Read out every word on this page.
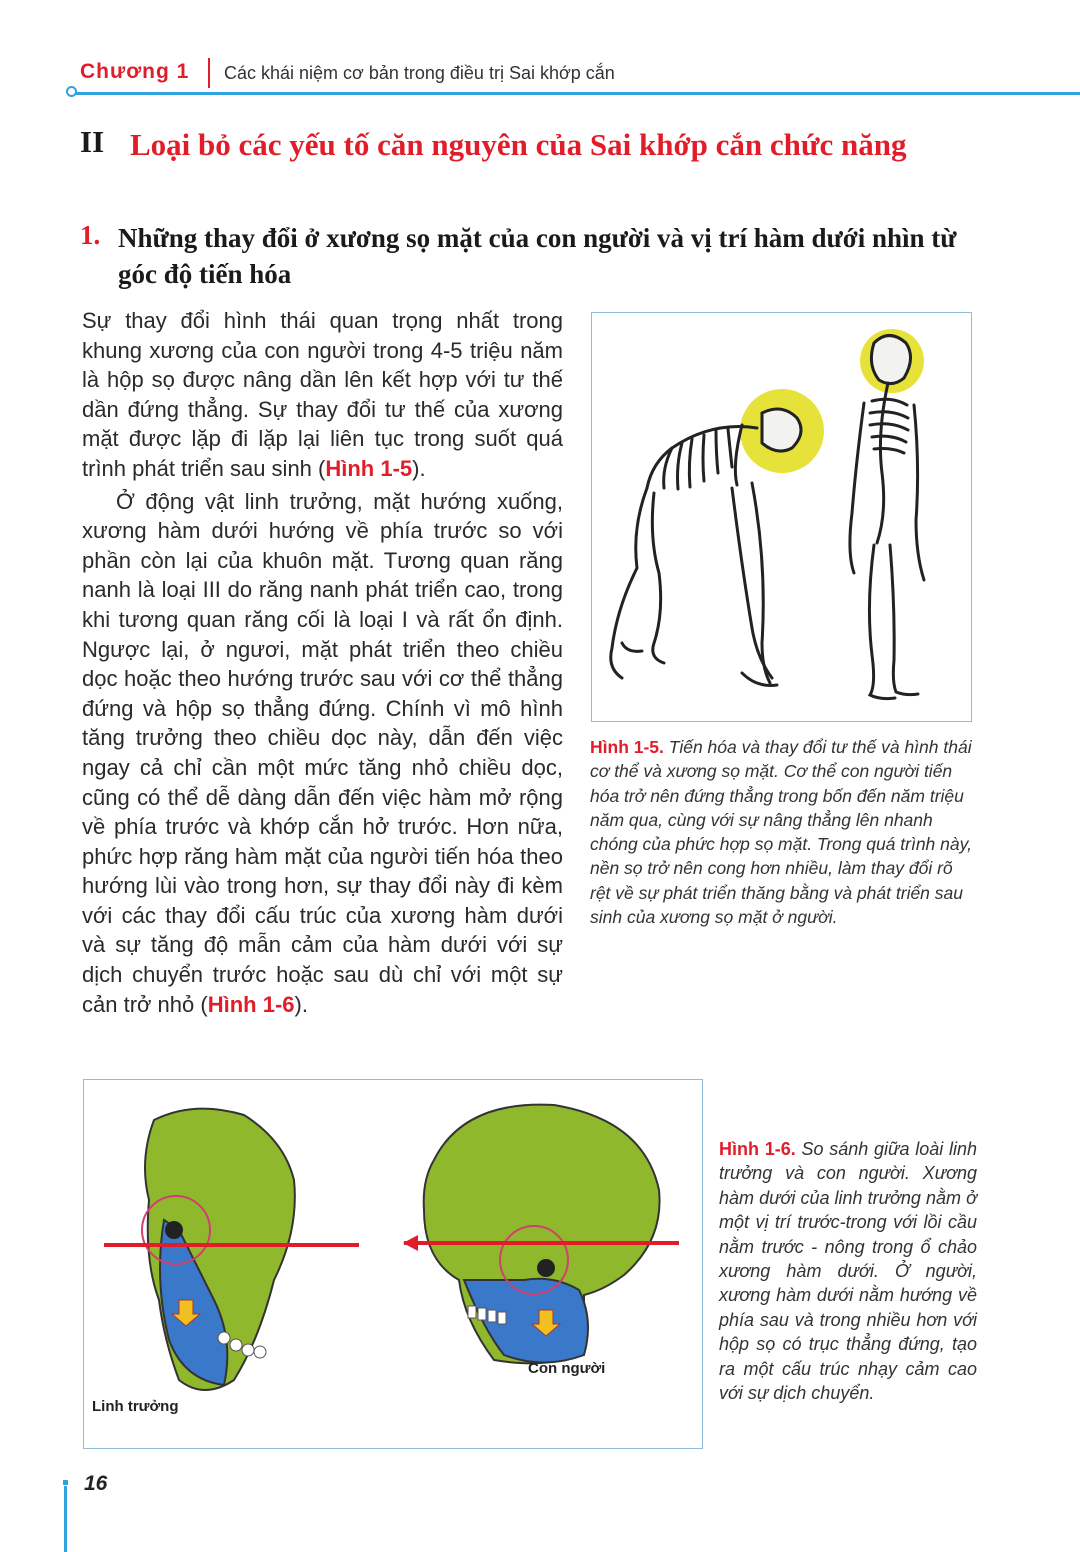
Chương 1 Các khái niệm cơ bản trong điều trị Sai khớp cắn
II Loại bỏ các yếu tố căn nguyên của Sai khớp cắn chức năng
1. Những thay đổi ở xương sọ mặt của con người và vị trí hàm dưới nhìn từ góc độ tiến hóa

Sự thay đổi hình thái quan trọng nhất trong khung xương của con người trong 4-5 triệu năm là hộp sọ được nâng dần lên kết hợp với tư thế dần đứng thẳng. Sự thay đổi tư thế của xương mặt được lặp đi lặp lại liên tục trong suốt quá trình phát triển sau sinh (Hình 1-5).

Ở động vật linh trưởng, mặt hướng xuống, xương hàm dưới hướng về phía trước so với phần còn lại của khuôn mặt. Tương quan răng nanh là loại III do răng nanh phát triển cao, trong khi tương quan răng cối là loại I và rất ổn định. Ngược lại, ở ngươi, mặt phát triển theo chiều dọc hoặc theo hướng trước sau với cơ thể thẳng đứng và hộp sọ thẳng đứng. Chính vì mô hình tăng trưởng theo chiều dọc này, dẫn đến việc ngay cả chỉ cần một mức tăng nhỏ chiều dọc, cũng có thể dễ dàng dẫn đến việc hàm mở rộng về phía trước và khớp cắn hở trước. Hơn nữa, phức hợp răng hàm mặt của người tiến hóa theo hướng lùi vào trong hơn, sự thay đổi này đi kèm với các thay đổi cấu trúc của xương hàm dưới và sự tăng độ mẫn cảm của hàm dưới với sự dịch chuyển trước hoặc sau dù chỉ với một sự cản trở nhỏ (Hình 1-6).

Hình 1-5. Tiến hóa và thay đổi tư thế và hình thái cơ thể và xương sọ mặt. Cơ thể con người tiến hóa trở nên đứng thẳng trong bốn đến năm triệu năm qua, cùng với sự nâng thẳng lên nhanh chóng của phức hợp sọ mặt. Trong quá trình này, nền sọ trở nên cong hơn nhiều, làm thay đổi rõ rệt về sự phát triển thăng bằng và phát triển sau sinh của xương sọ mặt ở người.
Linh trưởng
Con người
Hình 1-6. So sánh giữa loài linh trưởng và con người. Xương hàm dưới của linh trưởng nằm ở một vị trí trước-trong với lồi cầu nằm trước - nông trong ổ chảo xương hàm dưới. Ở người, xương hàm dưới nằm hướng về phía sau và trong nhiều hơn với hộp sọ có trục thẳng đứng, tạo ra một cấu trúc nhạy cảm cao với sự dịch chuyển.
16
